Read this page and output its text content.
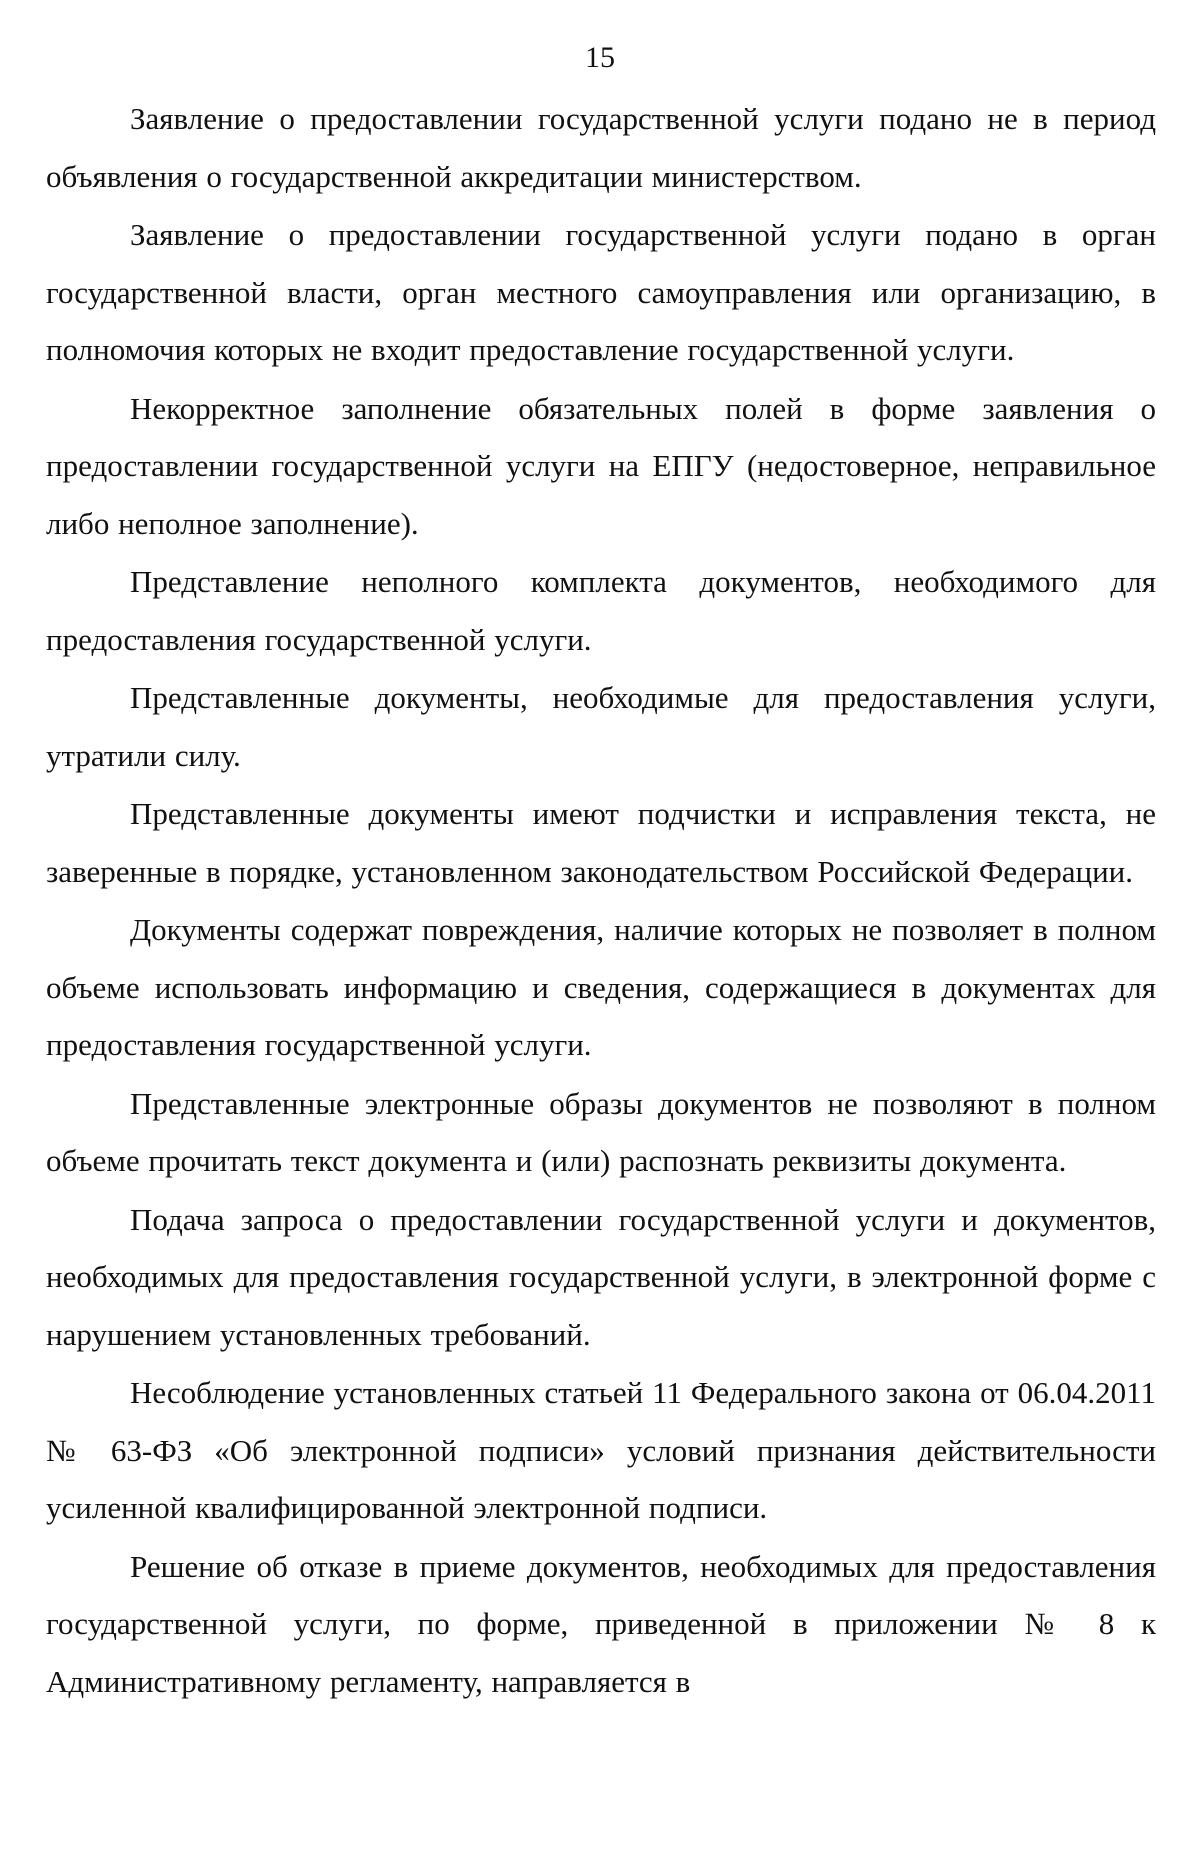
15

Заявление о предоставлении государственной услуги подано не в период объявления о государственной аккредитации министерством.

Заявление о предоставлении государственной услуги подано в орган государственной власти, орган местного самоуправления или организацию, в полномочия которых не входит предоставление государственной услуги.

Некорректное заполнение обязательных полей в форме заявления о предоставлении государственной услуги на ЕПГУ (недостоверное, неправильное либо неполное заполнение).

Представление неполного комплекта документов, необходимого для предоставления государственной услуги.

Представленные документы, необходимые для предоставления услуги, утратили силу.

Представленные документы имеют подчистки и исправления текста, не заверенные в порядке, установленном законодательством Российской Федерации.

Документы содержат повреждения, наличие которых не позволяет в полном объеме использовать информацию и сведения, содержащиеся в документах для предоставления государственной услуги.

Представленные электронные образы документов не позволяют в полном объеме прочитать текст документа и (или) распознать реквизиты документа.

Подача запроса о предоставлении государственной услуги и документов, необходимых для предоставления государственной услуги, в электронной форме с нарушением установленных требований.

Несоблюдение установленных статьей 11 Федерального закона от 06.04.2011 № 63-ФЗ «Об электронной подписи» условий признания действительности усиленной квалифицированной электронной подписи.

Решение об отказе в приеме документов, необходимых для предоставления государственной услуги, по форме, приведенной в приложении № 8 к Административному регламенту, направляется в
